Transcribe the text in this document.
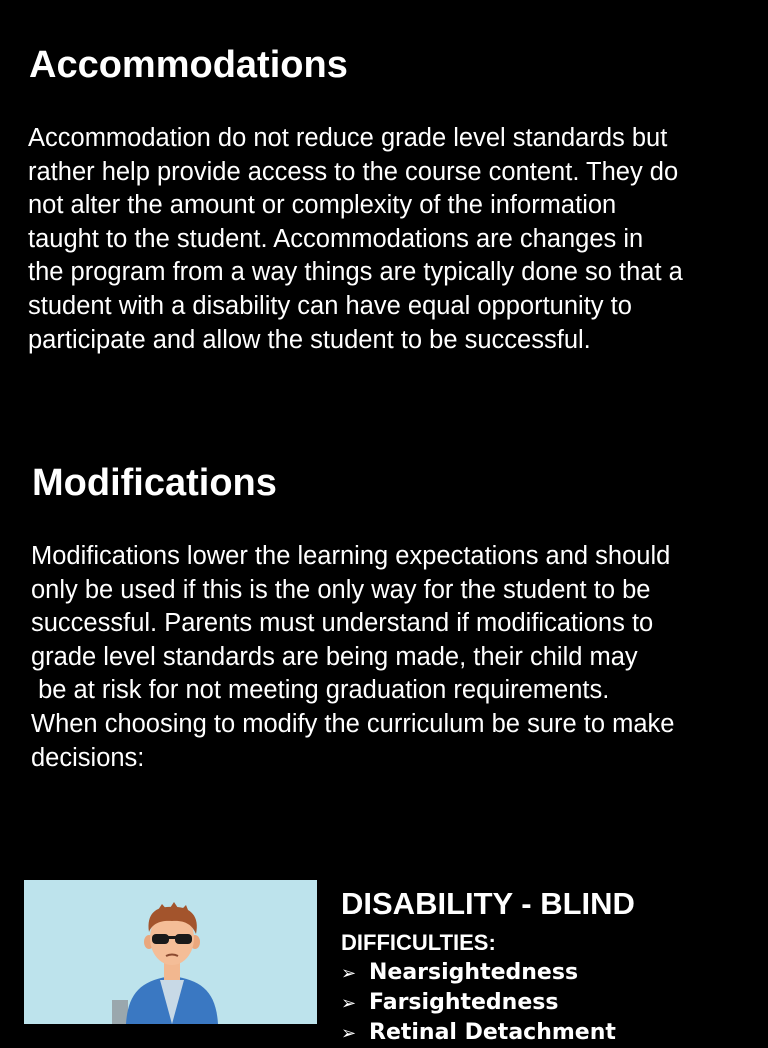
Accommodations

Accommodation do not reduce grade level standards but
rather help provide access to the course content. They do
not alter the amount or complexity of the information
taught to the student. Accommodations are changes in
the program from a way things are typically done so that a
student with a disability can have equal opportunity to
participate and allow the student to be successful.

Modifications

Modifications lower the learning expectations and should
only be used if this is the only way for the student to be
successful. Parents must understand if modifications to
grade level standards are being made, their child may
be at risk for not meeting graduation requirements.
When choosing to modify the curriculum be sure to make
decisions:

DISABILITY - BLIND
DIFFICULTIES:
➢ Nearsightedness
➢ Farsightedness
➢ Retinal Detachment
